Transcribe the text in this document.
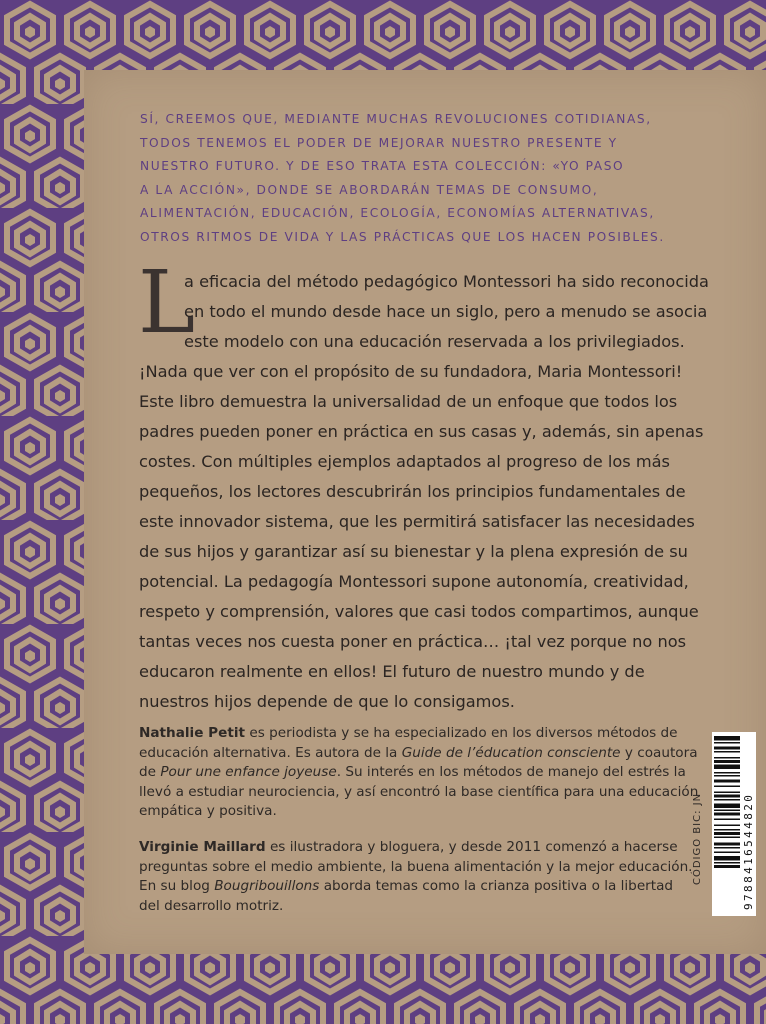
SÍ, CREEMOS QUE, MEDIANTE MUCHAS REVOLUCIONES COTIDIANAS,
TODOS TENEMOS EL PODER DE MEJORAR NUESTRO PRESENTE Y
NUESTRO FUTURO. Y DE ESO TRATA ESTA COLECCIÓN: «YO PASO
A LA ACCIÓN», DONDE SE ABORDARÁN TEMAS DE CONSUMO,
ALIMENTACIÓN, EDUCACIÓN, ECOLOGÍA, ECONOMÍAS ALTERNATIVAS,
OTROS RITMOS DE VIDA Y LAS PRÁCTICAS QUE LOS HACEN POSIBLES.
L
a eficacia del método pedagógico Montessori ha sido reconocida
en todo el mundo desde hace un siglo, pero a menudo se asocia
este modelo con una educación reservada a los privilegiados.
¡Nada que ver con el propósito de su fundadora, Maria Montessori!
Este libro demuestra la universalidad de un enfoque que todos los
padres pueden poner en práctica en sus casas y, además, sin apenas
costes. Con múltiples ejemplos adaptados al progreso de los más
pequeños, los lectores descubrirán los principios fundamentales de
este innovador sistema, que les permitirá satisfacer las necesidades
de sus hijos y garantizar así su bienestar y la plena expresión de su
potencial. La pedagogía Montessori supone autonomía, creatividad,
respeto y comprensión, valores que casi todos compartimos, aunque
tantas veces nos cuesta poner en práctica… ¡tal vez porque no nos
educaron realmente en ellos! El futuro de nuestro mundo y de
nuestros hijos depende de que lo consigamos.
Nathalie Petit es periodista y se ha especializado en los diversos métodos de
educación alternativa. Es autora de la Guide de l’éducation consciente y coautora
de Pour une enfance joyeuse. Su interés en los métodos de manejo del estrés la
llevó a estudiar neurociencia, y así encontró la base científica para una educación
empática y positiva.
Virginie Maillard es ilustradora y bloguera, y desde 2011 comenzó a hacerse
preguntas sobre el medio ambiente, la buena alimentación y la mejor educación.
En su blog Bougribouillons aborda temas como la crianza positiva o la libertad
del desarrollo motriz.
CÓDIGO BIC: JN	9788416544820
